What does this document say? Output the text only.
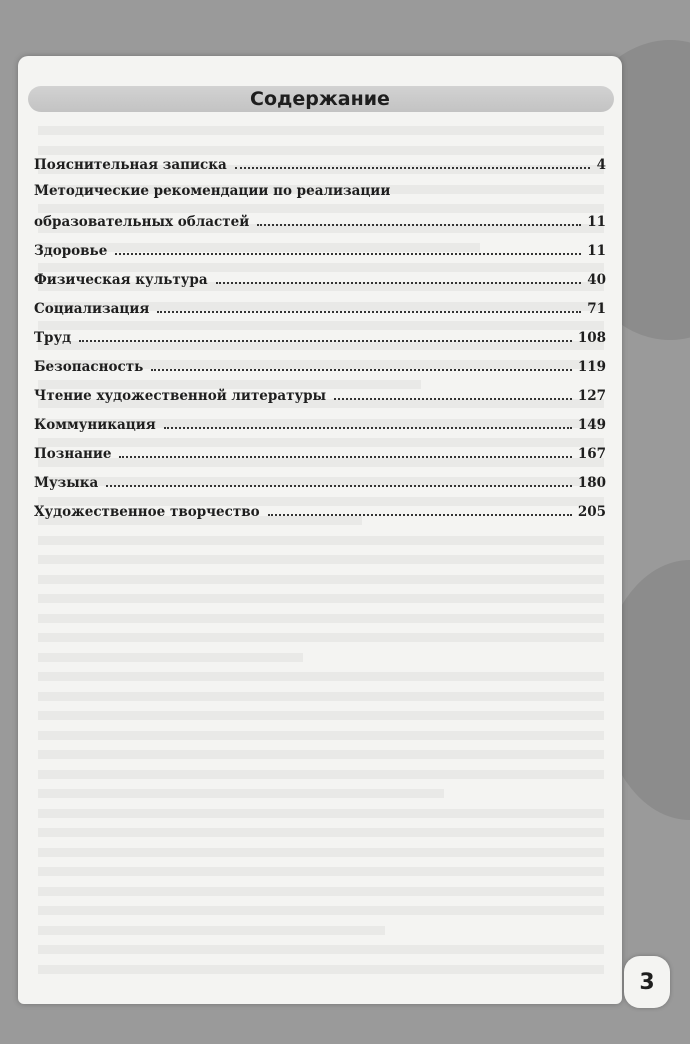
Содержание
Пояснительная записка	4
Методические рекомендации по реализации
образовательных областей	11
Здоровье	11
Физическая культура	40
Социализация	71
Труд	108
Безопасность	119
Чтение художественной литературы	127
Коммуникация	149
Познание	167
Музыка	180
Художественное творчество	205
3
